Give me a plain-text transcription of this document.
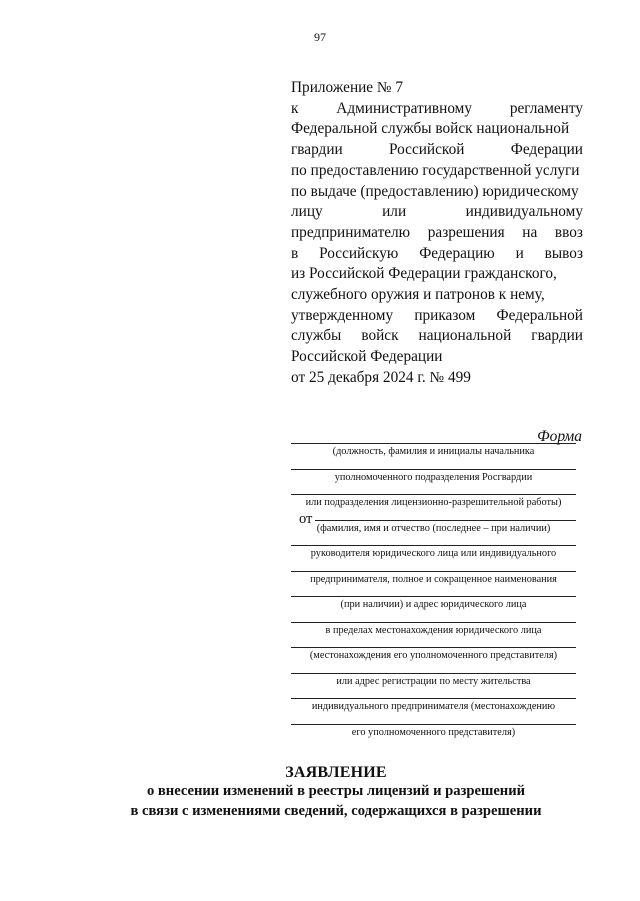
97
Приложение № 7
к Административному регламенту
Федеральной службы войск национальной
гвардии	Российской	Федерации
по предоставлению государственной услуги
по выдаче (предоставлению) юридическому
лицу	или	индивидуальному
предпринимателю разрешения на ввоз
в Российскую Федерацию и вывоз
из Российской Федерации гражданского,
служебного оружия и патронов к нему,
утвержденному приказом Федеральной
службы войск национальной гвардии
Российской Федерации
от 25 декабря 2024 г. № 499
Форма
(должность, фамилия и инициалы начальника
уполномоченного подразделения Росгвардии
или подразделения лицензионно-разрешительной работы)
от
(фамилия, имя и отчество (последнее – при наличии)
руководителя юридического лица или индивидуального
предпринимателя, полное и сокращенное наименования
(при наличии) и адрес юридического лица
в пределах местонахождения юридического лица
(местонахождения его уполномоченного представителя)
или адрес регистрации по месту жительства
индивидуального предпринимателя (местонахождению
его уполномоченного представителя)
ЗАЯВЛЕНИЕ
о внесении изменений в реестры лицензий и разрешений
в связи с изменениями сведений, содержащихся в разрешении
